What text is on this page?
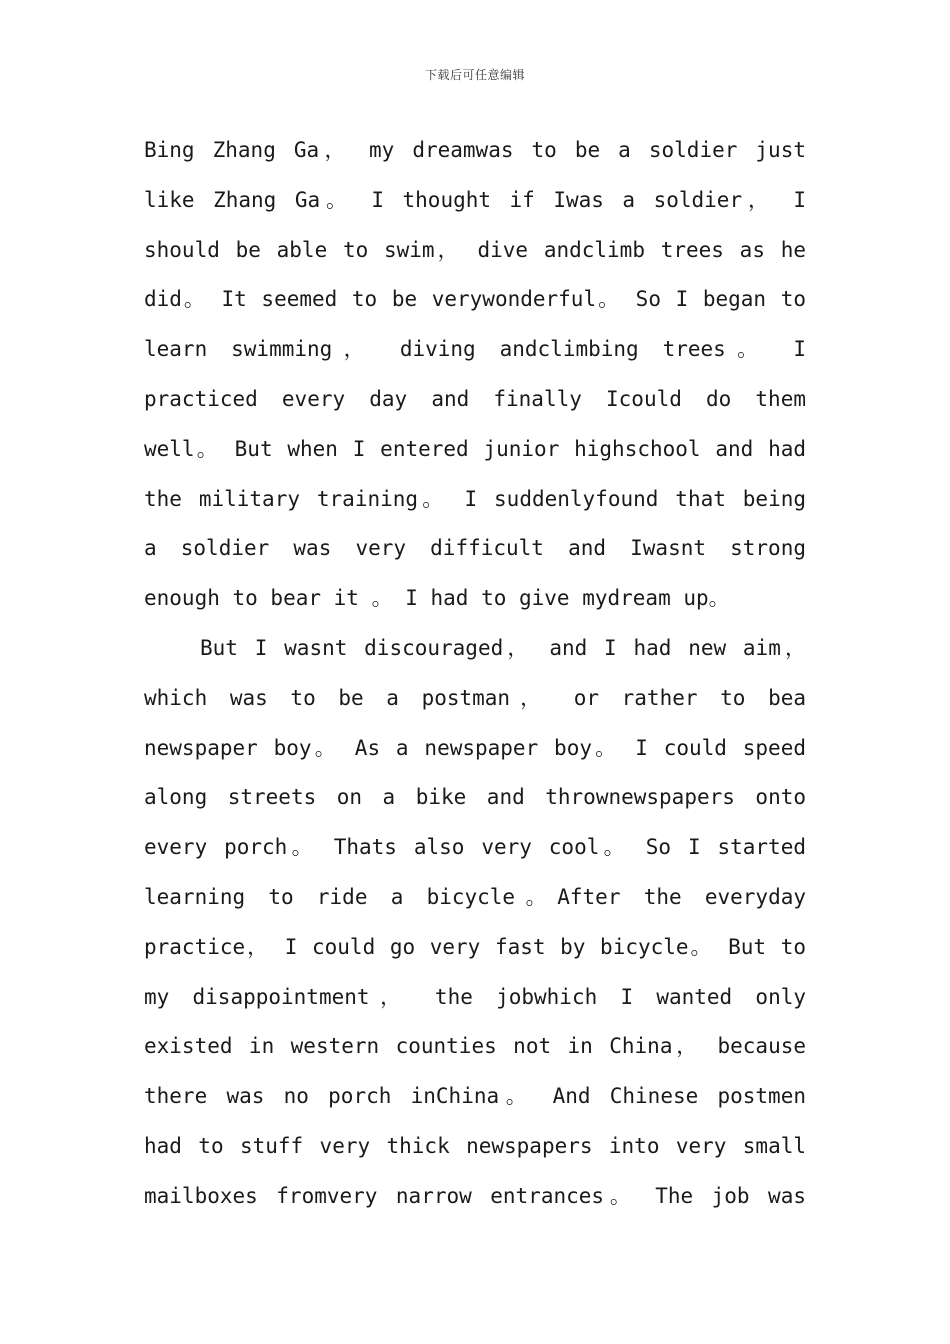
下载后可任意编辑
Bing Zhang Ga， my dreamwas to be a soldier just
like Zhang Ga。 I thought if Iwas a soldier， I
should be able to swim， dive andclimb trees as he
did。 It seemed to be verywonderful。 So I began to
learn swimming， diving andclimbing trees。 I
practiced every day and finally Icould do them
well。 But when I entered junior highschool and had
the military training。 I suddenlyfound that being
a soldier was very difficult and Iwasnt strong
enough to bear it 。 I had to give mydream up。
But I wasnt discouraged， and I had new aim，
which was to be a postman， or rather to bea
newspaper boy。 As a newspaper boy。 I could speed
along streets on a bike and thrownewspapers onto
every porch。 Thats also very cool。 So I started
learning to ride a bicycle。After the everyday
practice， I could go very fast by bicycle。 But to
my disappointment， the jobwhich I wanted only
existed in western counties not in China， because
there was no porch inChina。 And Chinese postmen
had to stuff very thick newspapers into very small
mailboxes fromvery narrow entrances。 The job was
